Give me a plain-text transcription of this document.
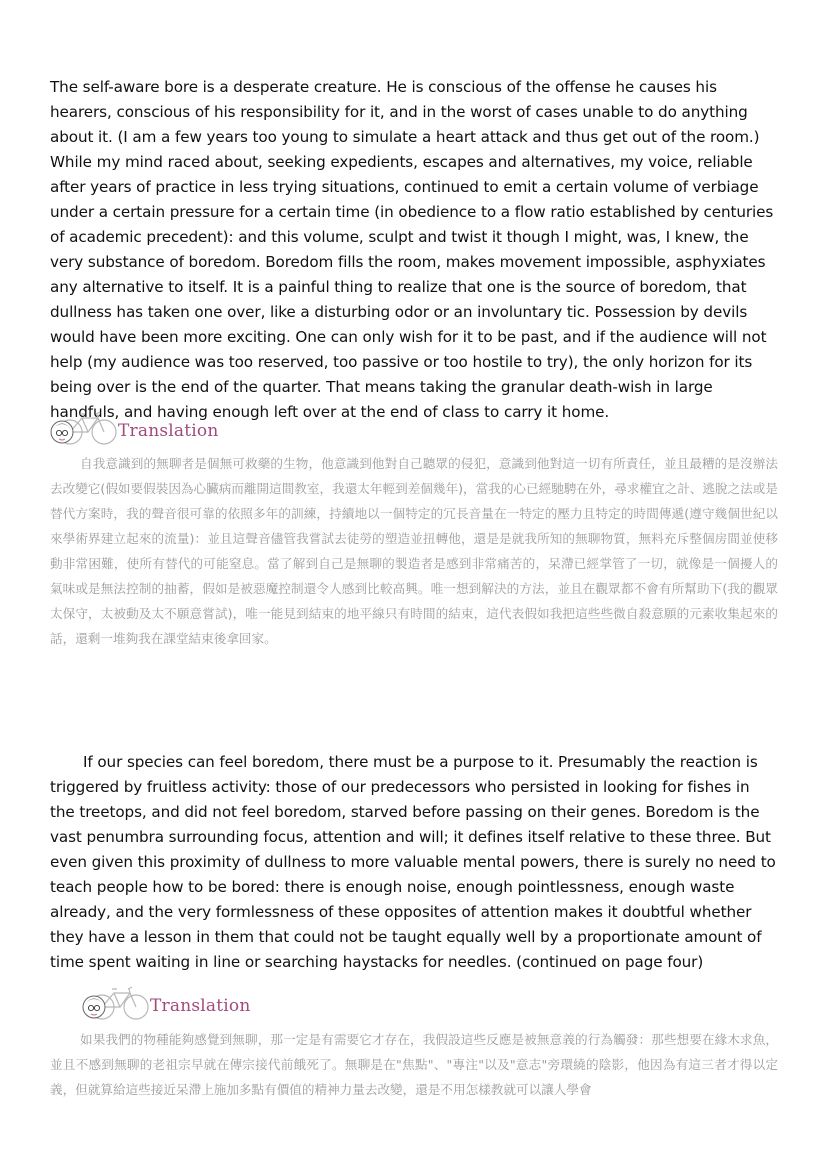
The self-aware bore is a desperate creature. He is conscious of the offense he causes his hearers, conscious of his responsibility for it, and in the worst of cases unable to do anything about it. (I am a few years too young to simulate a heart attack and thus get out of the room.) While my mind raced about, seeking expedients, escapes and alternatives, my voice, reliable after years of practice in less trying situations, continued to emit a certain volume of verbiage under a certain pressure for a certain time (in obedience to a flow ratio established by centuries of academic precedent): and this volume, sculpt and twist it though I might, was, I knew, the very substance of boredom. Boredom fills the room, makes movement impossible, asphyxiates any alternative to itself. It is a painful thing to realize that one is the source of boredom, that dullness has taken one over, like a disturbing odor or an involuntary tic. Possession by devils would have been more exciting. One can only wish for it to be past, and if the audience will not help (my audience was too reserved, too passive or too hostile to try), the only horizon for its being over is the end of the quarter. That means taking the granular death-wish in large handfuls, and having enough left over at the end of class to carry it home.

Translation

自我意識到的無聊者是個無可救藥的生物，他意識到他對自己聽眾的侵犯，意識到他對這一切有所責任，並且最糟的是沒辦法去改變它(假如要假裝因為心臟病而離開這間教室，我還太年輕到差個幾年)，當我的心已經馳騁在外，尋求權宜之計、逃脫之法或是替代方案時，我的聲音很可靠的依照多年的訓練，持續地以一個特定的冗長音量在一特定的壓力且特定的時間傳遞(遵守幾個世紀以來學術界建立起來的流量)：並且這聲音儘管我嘗試去徒勞的塑造並扭轉他，還是是就我所知的無聊物質，無料充斥整個房間並使移動非常困難，使所有替代的可能窒息。當了解到自己是無聊的製造者是感到非常痛苦的，呆滯已經掌管了一切，就像是一個擾人的氣味或是無法控制的抽蓄，假如是被惡魔控制還令人感到比較高興。唯一想到解決的方法，並且在觀眾都不會有所幫助下(我的觀眾太保守，太被動及太不願意嘗試)，唯一能見到結束的地平線只有時間的結束，這代表假如我把這些些微自殺意願的元素收集起來的話，還剩一堆夠我在課堂結束後拿回家。

If our species can feel boredom, there must be a purpose to it. Presumably the reaction is triggered by fruitless activity: those of our predecessors who persisted in looking for fishes in the treetops, and did not feel boredom, starved before passing on their genes. Boredom is the vast penumbra surrounding focus, attention and will; it defines itself relative to these three. But even given this proximity of dullness to more valuable mental powers, there is surely no need to teach people how to be bored: there is enough noise, enough pointlessness, enough waste already, and the very formlessness of these opposites of attention makes it doubtful whether they have a lesson in them that could not be taught equally well by a proportionate amount of time spent waiting in line or searching haystacks for needles. (continued on page four)

Translation

如果我們的物種能夠感覺到無聊，那一定是有需要它才存在，我假設這些反應是被無意義的行為觸發：那些想要在緣木求魚，並且不感到無聊的老祖宗早就在傳宗接代前餓死了。無聊是在"焦點"、"專注"以及"意志"旁環繞的陰影，他因為有這三者才得以定義，但就算給這些接近呆滯上施加多點有價值的精神力量去改變，還是不用怎樣教就可以讓人學會
